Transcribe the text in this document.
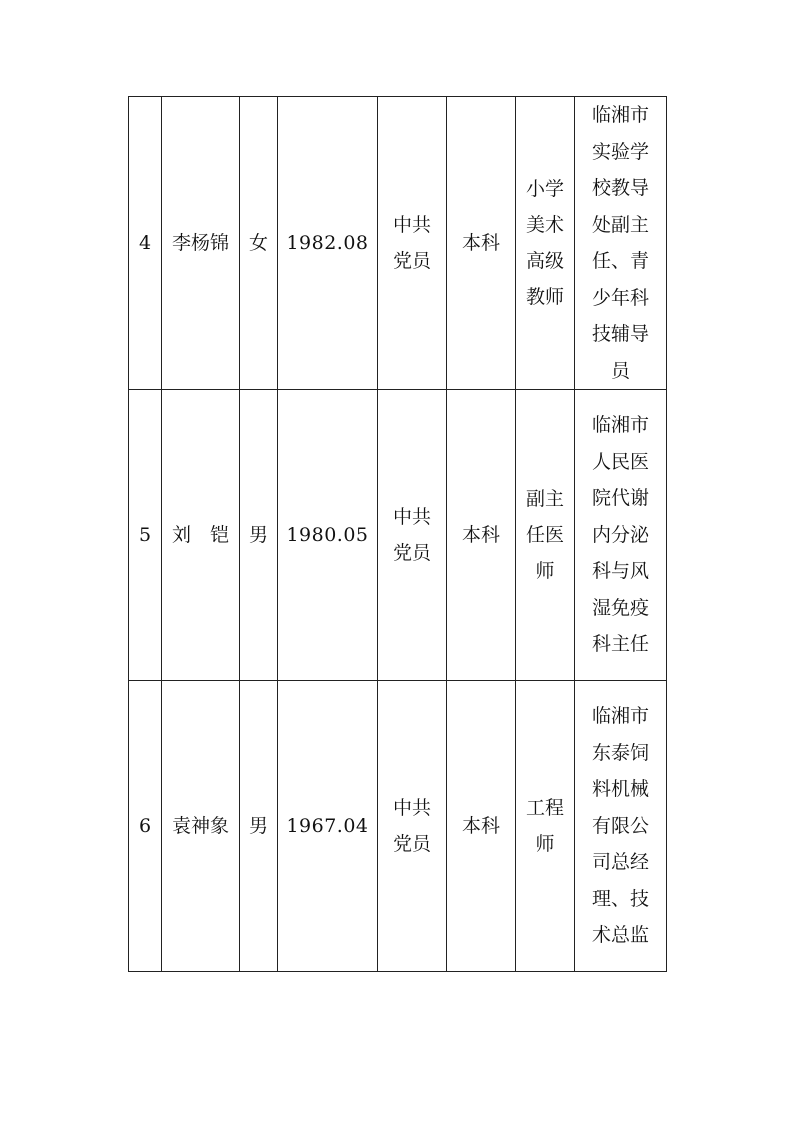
4	李杨锦	女	1982.08	中共党员	本科	小学美术高级教师	临湘市实验学校教导处副主任、青少年科技辅导员
5	刘　铠	男	1980.05	中共党员	本科	副主任医师	临湘市人民医院代谢内分泌科与风湿免疫科主任
6	袁神象	男	1967.04	中共党员	本科	工程师	临湘市东泰饲料机械有限公司总经理、技术总监
